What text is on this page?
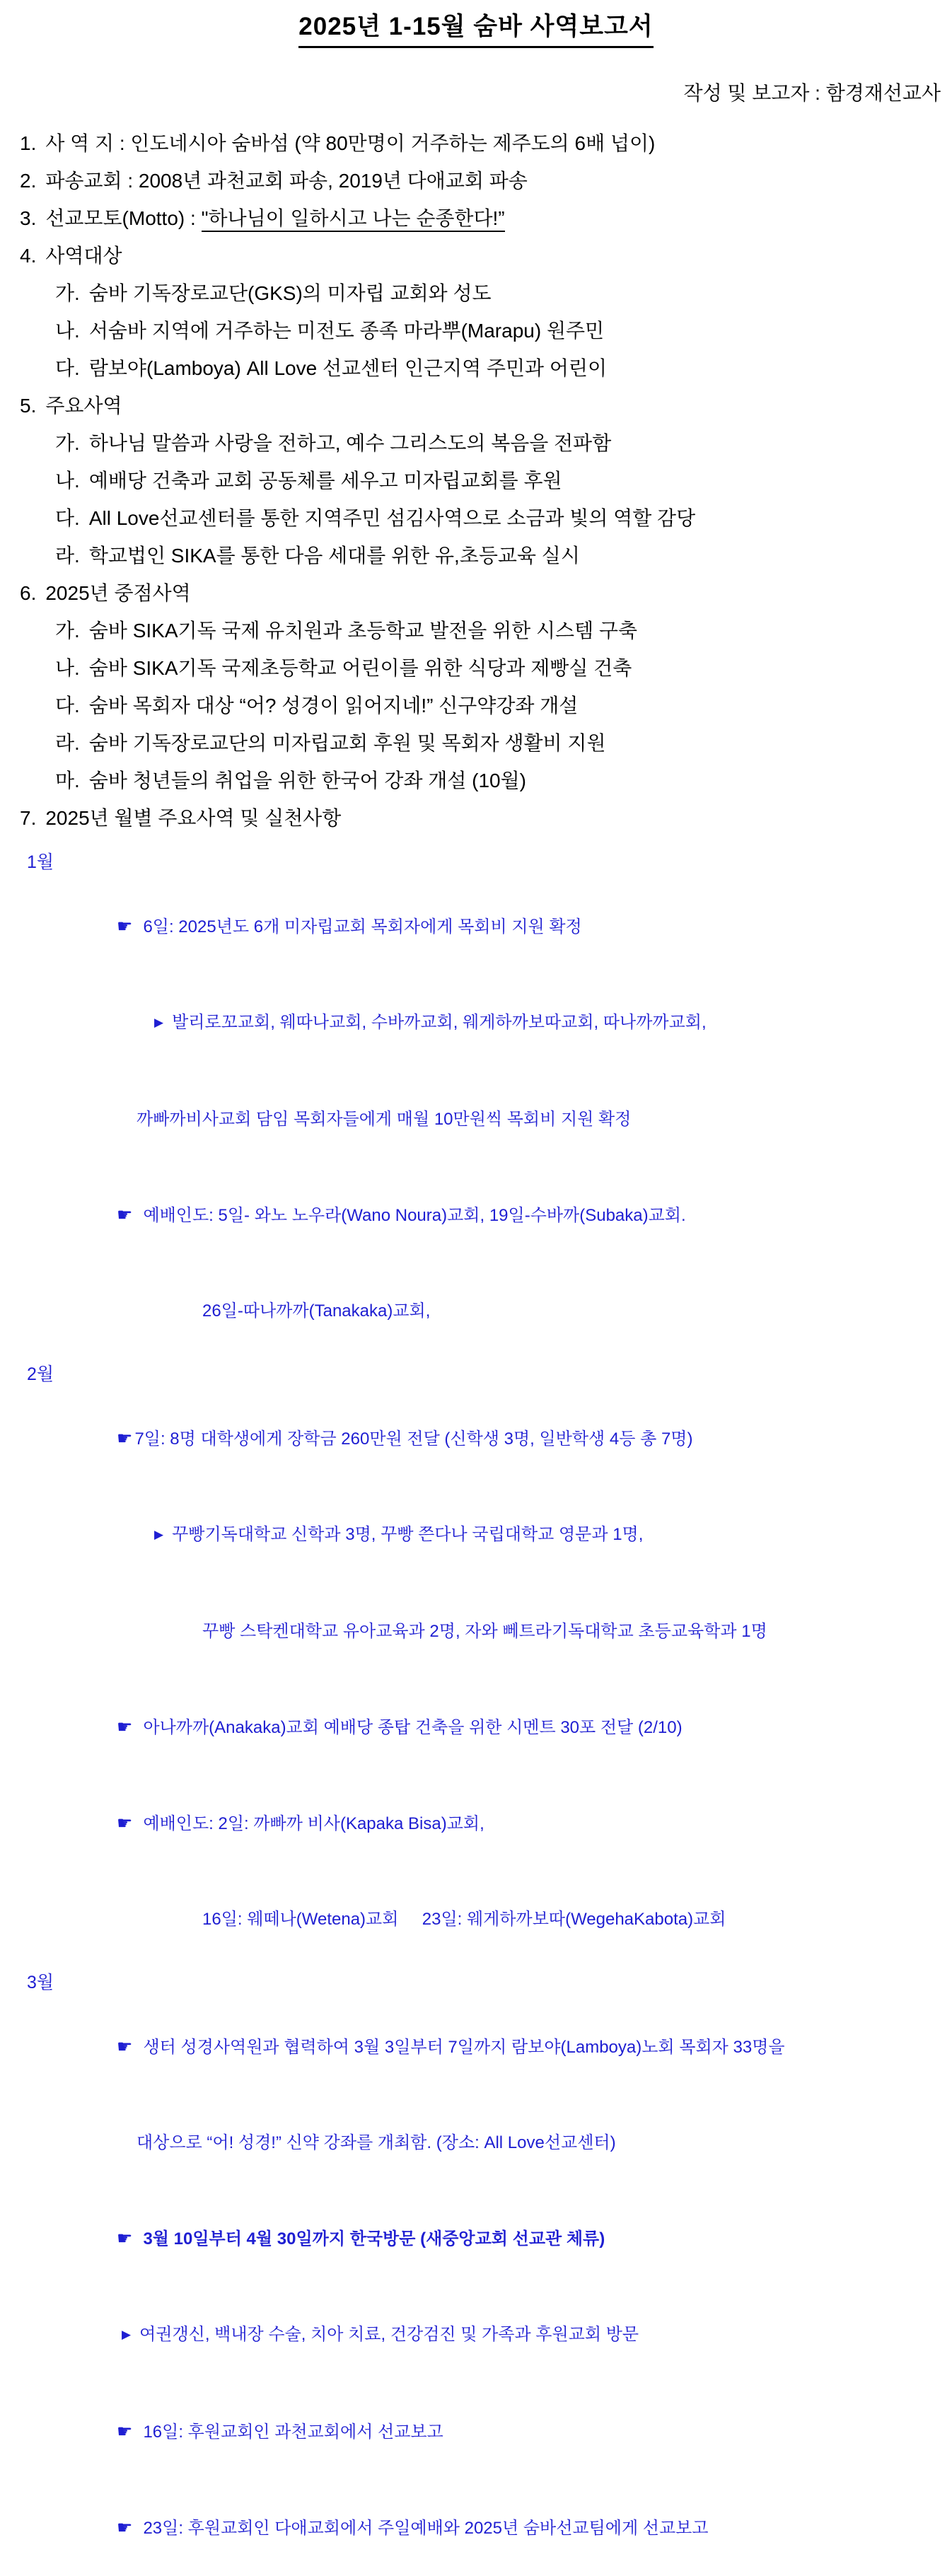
2025년 1-15월 숨바 사역보고서
작성 및 보고자 : 함경재선교사
1. 사 역 지 : 인도네시아 숨바섬 (약 80만명이 거주하는 제주도의 6배 넙이)
2. 파송교회 : 2008년 과천교회 파송, 2019년 다애교회 파송
3. 선교모토(Motto) : "하나님이 일하시고 나는 순종한다!”
4. 사역대상
가. 숨바 기독장로교단(GKS)의 미자립 교회와 성도
나. 서숨바 지역에 거주하는 미전도 종족 마라뿌(Marapu) 원주민
다. 람보야(Lamboya) All Love 선교센터 인근지역 주민과 어린이
5. 주요사역
가. 하나님 말씀과 사랑을 전하고, 예수 그리스도의 복음을 전파함
나. 예배당 건축과 교회 공동체를 세우고 미자립교회를 후원
다. All Love선교센터를 통한 지역주민 섬김사역으로 소금과 빛의 역할 감당
라. 학교법인 SIKA를 통한 다음 세대를 위한 유,초등교육 실시
6. 2025년 중점사역
가. 숨바 SIKA기독 국제 유치원과 초등학교 발전을 위한 시스템 구축
나. 숨바 SIKA기독 국제초등학교 어린이를 위한 식당과 제빵실 건축
다. 숨바 목회자 대상 “어? 성경이 읽어지네!” 신구약강좌 개설
라. 숨바 기독장로교단의 미자립교회 후원 및 목회자 생활비 지원
마. 숨바 청년들의 취업을 위한 한국어 강좌 개설 (10월)
7. 2025년 월별 주요사역 및 실천사항

1월

☛ 6일: 2025년도 6개 미자립교회 목회자에게 목회비 지원 확정

▶ 발리로꼬교회, 웨따나교회, 수바까교회, 웨게하까보따교회, 따나까까교회,

까빠까비사교회 담임 목회자들에게 매월 10만원씩 목회비 지원 확정

☛ 예배인도: 5일- 와노 노우라(Wano Noura)교회, 19일-수바까(Subaka)교회.

26일-따나까까(Tanakaka)교회,

2월

☛ 7일: 8명 대학생에게 장학금 260만원 전달 (신학생 3명, 일반학생 4등 총 7명)

▶ 꾸빵기독대학교 신학과 3명, 꾸빵 쯘다나 국립대학교 영문과 1명,

꾸빵 스탁켄대학교 유아교육과 2명, 자와 뻬트라기독대학교 초등교육학과 1명

☛ 아나까까(Anakaka)교회 예배당 종탑 건축을 위한 시멘트 30포 전달 (2/10)

☛ 예배인도: 2일: 까빠까 비사(Kapaka Bisa)교회,

16일: 웨떼나(Wetena)교회     23일: 웨게하까보따(WegehaKabota)교회

3월

☛ 생터 성경사역원과 협력하여 3월 3일부터 7일까지 람보야(Lamboya)노회 목회자 33명을

대상으로 “어! 성경!” 신약 강좌를 개최함. (장소: All Love선교센터)

☛ 3월 10일부터 4월 30일까지 한국방문 (새중앙교회 선교관 체류)

▶ 여권갱신, 백내장 수술, 치아 치료, 건강검진 및 가족과 후원교회 방문

☛ 16일: 후원교회인 과천교회에서 선교보고

☛ 23일: 후원교회인 다애교회에서 주일예배와 2025년 숨바선교팀에게 선교보고
